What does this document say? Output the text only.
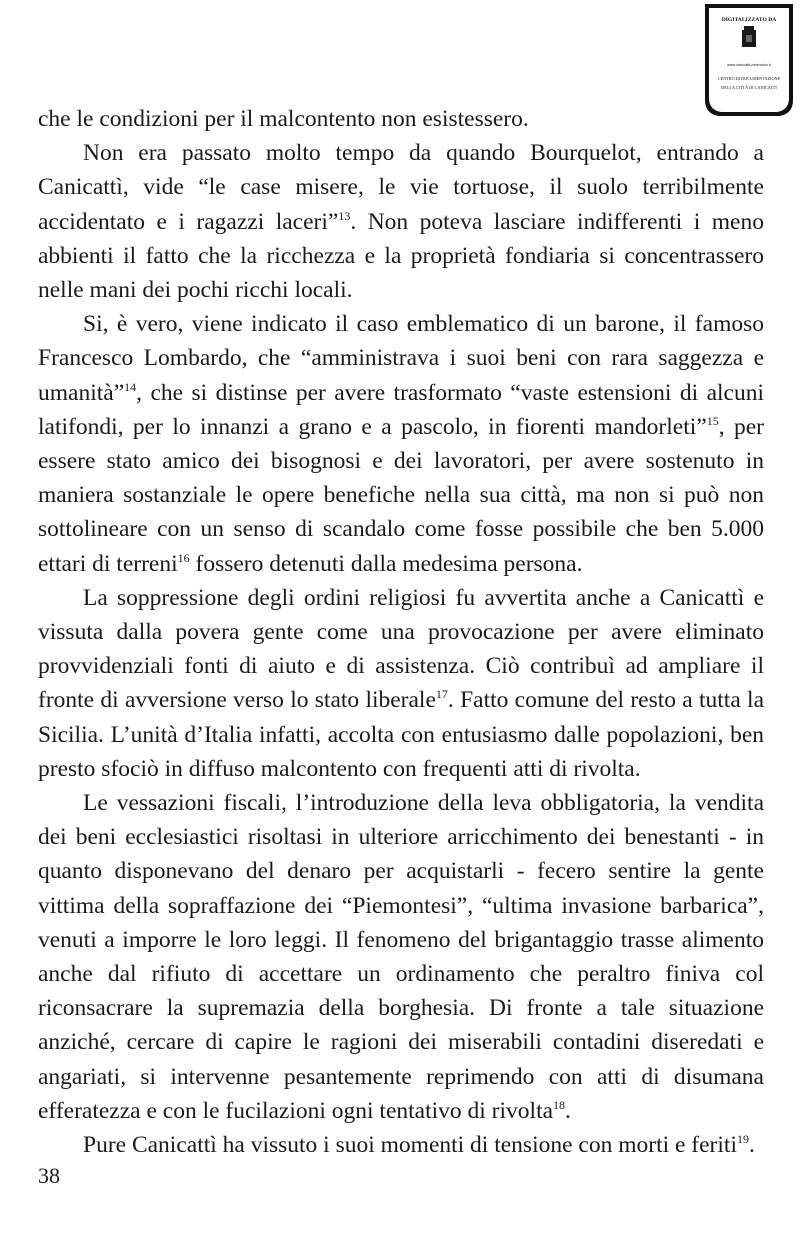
DIGITALIZZATO DA
www.canicatti-centrodoc.it
CENTRO DI DOCUMENTAZIONE
DELLA CITTÀ DI CANICATTÌ

che le condizioni per il malcontento non esistessero.

Non era passato molto tempo da quando Bourquelot, entrando a Canicattì, vide “le case misere, le vie tortuose, il suolo terribilmente accidentato e i ragazzi laceri”$^{13}$. Non poteva lasciare indifferenti i meno abbienti il fatto che la ricchezza e la proprietà fondiaria si concentrassero nelle mani dei pochi ricchi locali.

Si, è vero, viene indicato il caso emblematico di un barone, il famoso Francesco Lombardo, che “amministrava i suoi beni con rara saggezza e umanità”$^{14}$, che si distinse per avere trasformato “vaste estensioni di alcuni latifondi, per lo innanzi a grano e a pascolo, in fiorenti mandorleti”$^{15}$, per essere stato amico dei bisognosi e dei lavoratori, per avere sostenuto in maniera sostanziale le opere benefiche nella sua città, ma non si può non sottolineare con un senso di scandalo come fosse possibile che ben 5.000 ettari di terreni$^{16}$ fossero detenuti dalla medesima persona.

La soppressione degli ordini religiosi fu avvertita anche a Canicattì e vissuta dalla povera gente come una provocazione per avere eliminato provvidenziali fonti di aiuto e di assistenza. Ciò contribuì ad ampliare il fronte di avversione verso lo stato liberale$^{17}$. Fatto comune del resto a tutta la Sicilia. L’unità d’Italia infatti, accolta con entusiasmo dalle popolazioni, ben presto sfociò in diffuso malcontento con frequenti atti di rivolta.

Le vessazioni fiscali, l’introduzione della leva obbligatoria, la vendita dei beni ecclesiastici risoltasi in ulteriore arricchimento dei benestanti - in quanto disponevano del denaro per acquistarli - fecero sentire la gente vittima della sopraffazione dei “Piemontesi”, “ultima invasione barbarica”, venuti a imporre le loro leggi. Il fenomeno del brigantaggio trasse alimento anche dal rifiuto di accettare un ordinamento che peraltro finiva col riconsacrare la supremazia della borghesia. Di fronte a tale situazione anziché, cercare di capire le ragioni dei miserabili contadini diseredati e angariati, si intervenne pesantemente reprimendo con atti di disumana efferatezza e con le fucilazioni ogni tentativo di rivolta$^{18}$.

Pure Canicattì ha vissuto i suoi momenti di tensione con morti e feriti$^{19}$.

38
